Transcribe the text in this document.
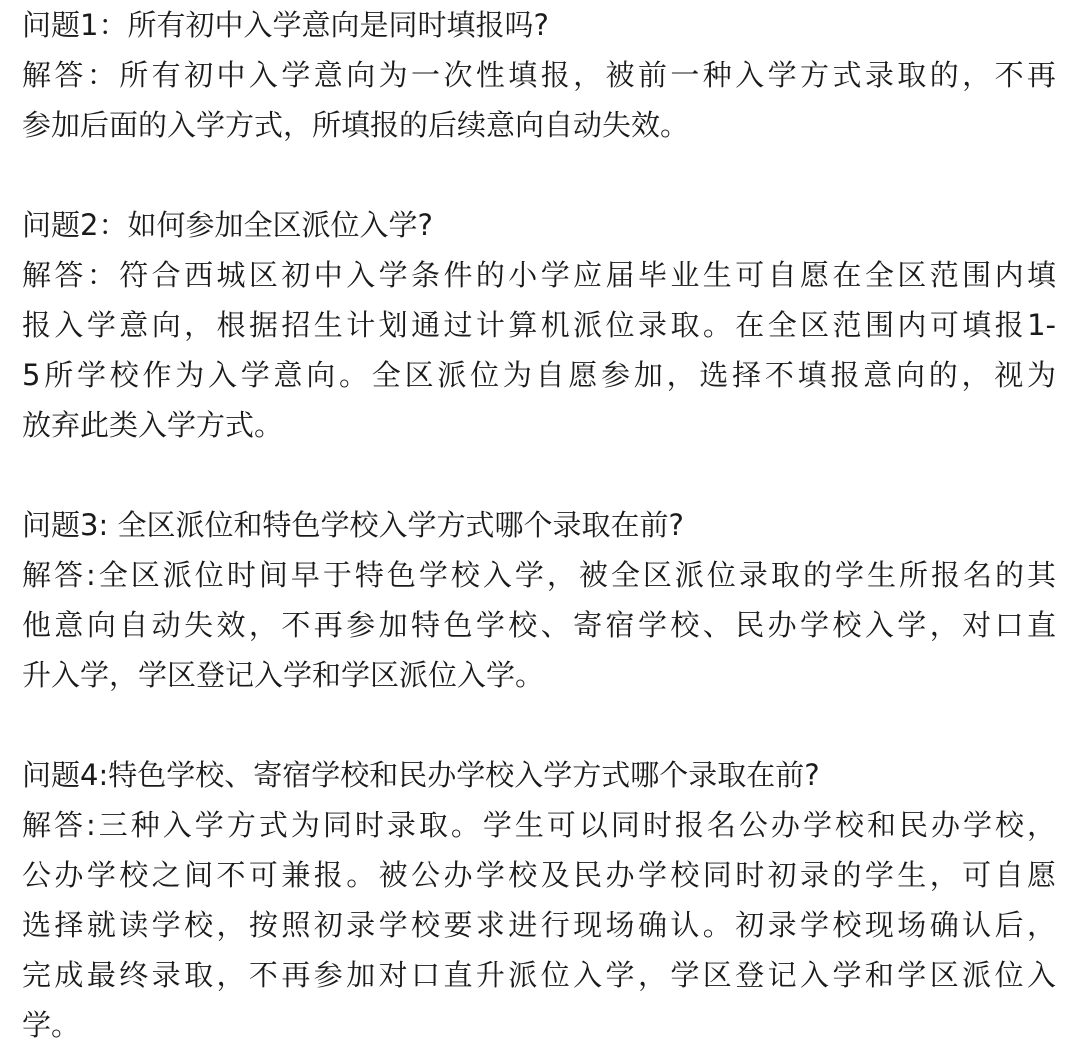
问题1：所有初中入学意向是同时填报吗?
解答：所有初中入学意向为一次性填报，被前一种入学方式录取的，不再
参加后面的入学方式，所填报的后续意向自动失效。
问题2：如何参加全区派位入学?
解答：符合西城区初中入学条件的小学应届毕业生可自愿在全区范围内填
报入学意向，根据招生计划通过计算机派位录取。在全区范围内可填报1-
5所学校作为入学意向。全区派位为自愿参加，选择不填报意向的，视为
放弃此类入学方式。
问题3: 全区派位和特色学校入学方式哪个录取在前?
解答:全区派位时间早于特色学校入学，被全区派位录取的学生所报名的其
他意向自动失效，不再参加特色学校、寄宿学校、民办学校入学，对口直
升入学，学区登记入学和学区派位入学。
问题4:特色学校、寄宿学校和民办学校入学方式哪个录取在前?
解答:三种入学方式为同时录取。学生可以同时报名公办学校和民办学校，
公办学校之间不可兼报。被公办学校及民办学校同时初录的学生，可自愿
选择就读学校，按照初录学校要求进行现场确认。初录学校现场确认后，
完成最终录取，不再参加对口直升派位入学，学区登记入学和学区派位入
学。
